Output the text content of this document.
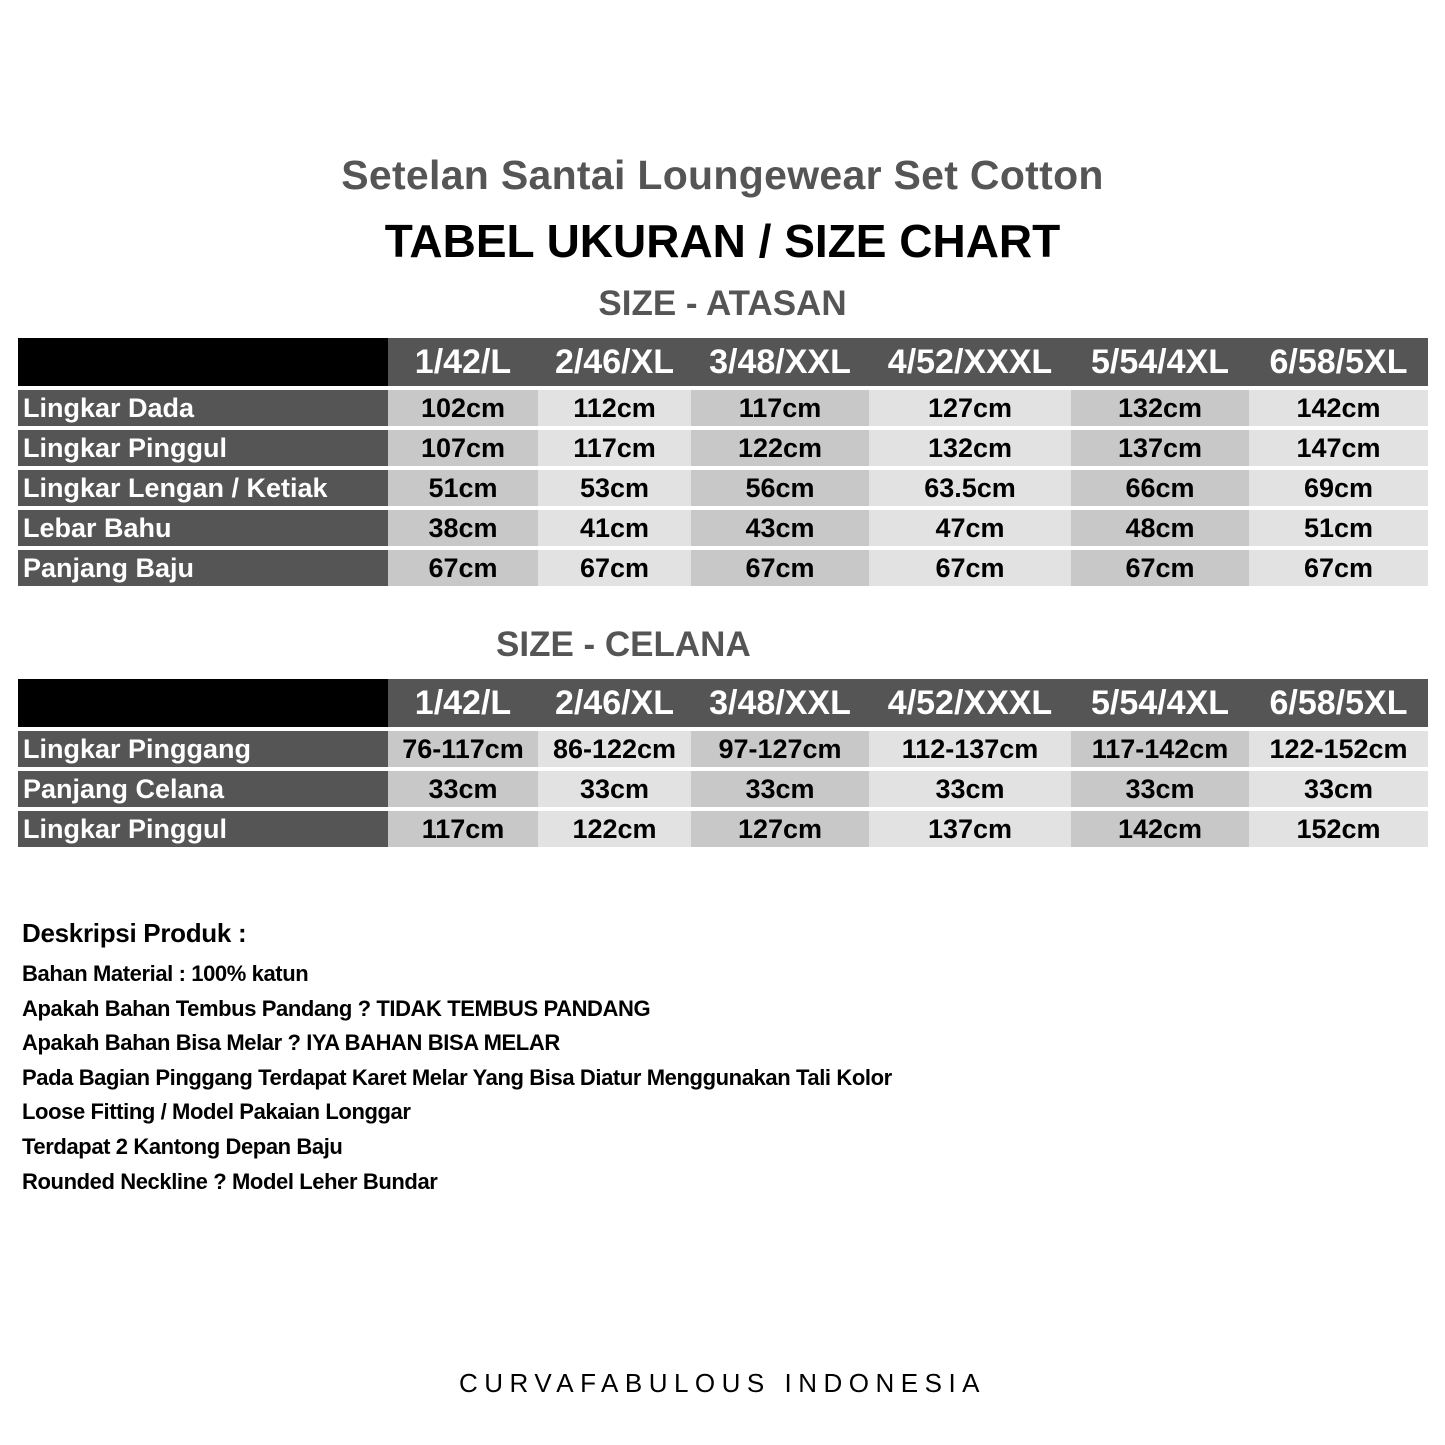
Setelan Santai Loungewear Set Cotton
TABEL UKURAN / SIZE CHART
SIZE - ATASAN
	1/42/L	2/46/XL	3/48/XXL	4/52/XXXL	5/54/4XL	6/58/5XL
Lingkar Dada	102cm	112cm	117cm	127cm	132cm	142cm
Lingkar Pinggul	107cm	117cm	122cm	132cm	137cm	147cm
Lingkar Lengan / Ketiak	51cm	53cm	56cm	63.5cm	66cm	69cm
Lebar Bahu	38cm	41cm	43cm	47cm	48cm	51cm
Panjang Baju	67cm	67cm	67cm	67cm	67cm	67cm
SIZE - CELANA
	1/42/L	2/46/XL	3/48/XXL	4/52/XXXL	5/54/4XL	6/58/5XL
Lingkar Pinggang	76-117cm	86-122cm	97-127cm	112-137cm	117-142cm	122-152cm
Panjang Celana	33cm	33cm	33cm	33cm	33cm	33cm
Lingkar Pinggul	117cm	122cm	127cm	137cm	142cm	152cm
Deskripsi Produk :
Bahan Material : 100% katun
Apakah Bahan Tembus Pandang ? TIDAK TEMBUS PANDANG
Apakah Bahan Bisa Melar ? IYA BAHAN BISA MELAR
Pada Bagian Pinggang Terdapat Karet Melar Yang Bisa Diatur Menggunakan Tali Kolor
Loose Fitting / Model Pakaian Longgar
Terdapat 2 Kantong Depan Baju
Rounded Neckline ? Model Leher Bundar
CURVAFABULOUS INDONESIA
